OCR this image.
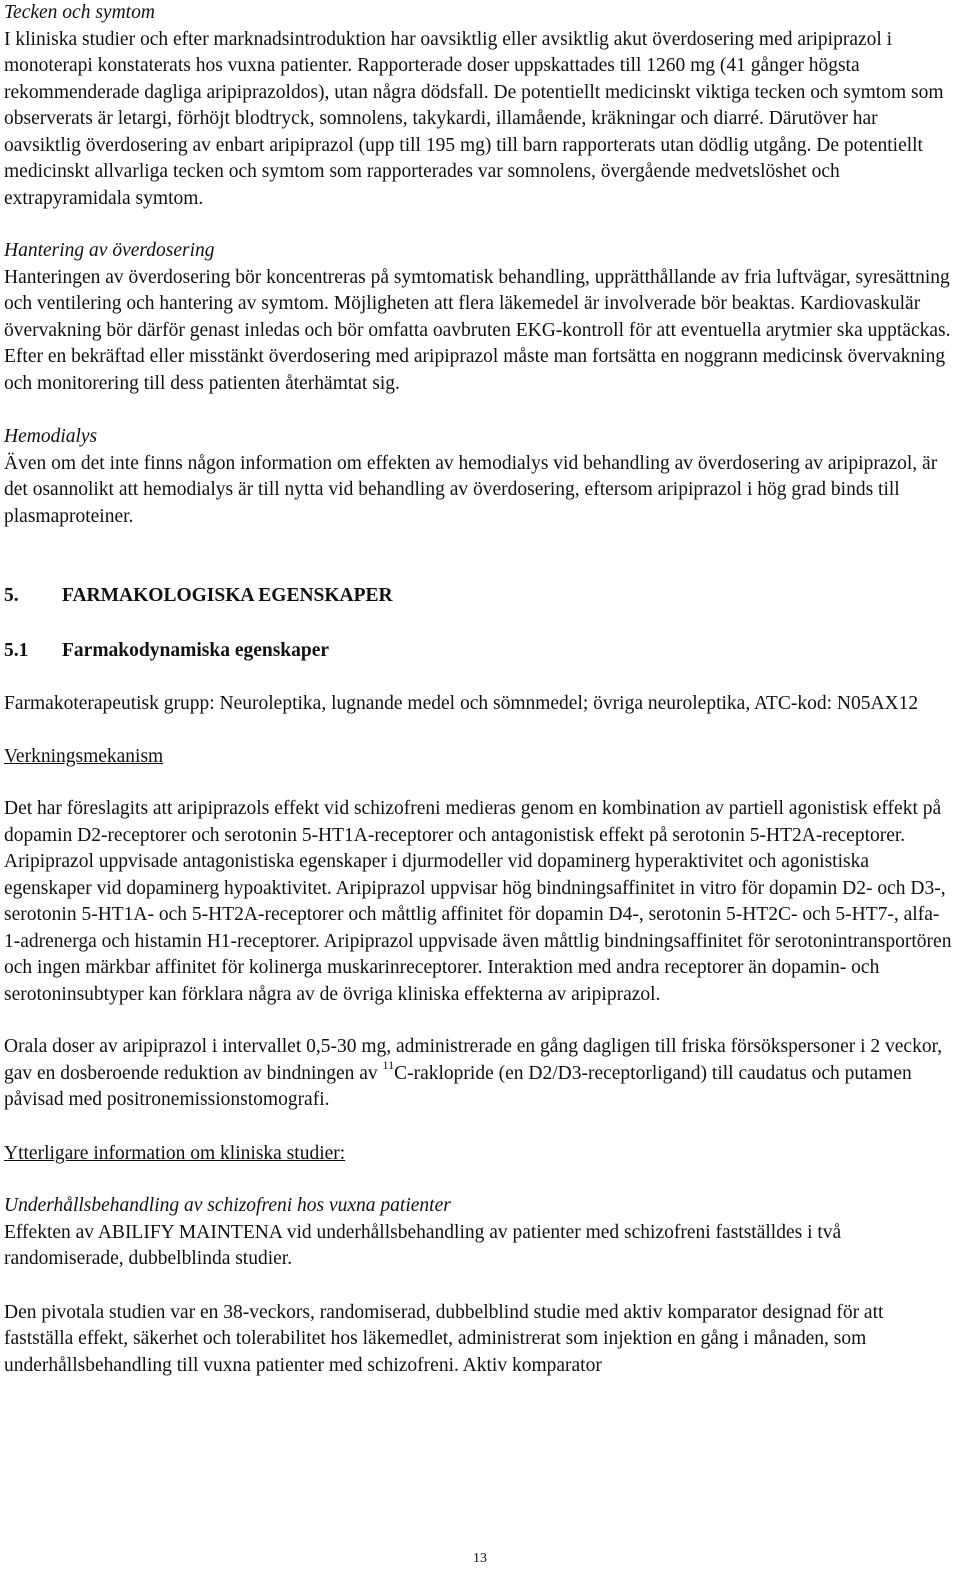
Tecken och symtom

I kliniska studier och efter marknadsintroduktion har oavsiktlig eller avsiktlig akut överdosering med aripiprazol i monoterapi konstaterats hos vuxna patienter. Rapporterade doser uppskattades till 1260 mg (41 gånger högsta rekommenderade dagliga aripiprazoldos), utan några dödsfall. De potentiellt medicinskt viktiga tecken och symtom som observerats är letargi, förhöjt blodtryck, somnolens, takykardi, illamående, kräkningar och diarré. Därutöver har oavsiktlig överdosering av enbart aripiprazol (upp till 195 mg) till barn rapporterats utan dödlig utgång. De potentiellt medicinskt allvarliga tecken och symtom som rapporterades var somnolens, övergående medvetslöshet och extrapyramidala symtom.

Hantering av överdosering

Hanteringen av överdosering bör koncentreras på symtomatisk behandling, upprätthållande av fria luftvägar, syresättning och ventilering och hantering av symtom. Möjligheten att flera läkemedel är involverade bör beaktas. Kardiovaskulär övervakning bör därför genast inledas och bör omfatta oavbruten EKG-kontroll för att eventuella arytmier ska upptäckas. Efter en bekräftad eller misstänkt överdosering med aripiprazol måste man fortsätta en noggrann medicinsk övervakning och monitorering till dess patienten återhämtat sig.

Hemodialys

Även om det inte finns någon information om effekten av hemodialys vid behandling av överdosering av aripiprazol, är det osannolikt att hemodialys är till nytta vid behandling av överdosering, eftersom aripiprazol i hög grad binds till plasmaproteiner.

5.	FARMAKOLOGISKA EGENSKAPER
5.1	Farmakodynamiska egenskaper

Farmakoterapeutisk grupp: Neuroleptika, lugnande medel och sömnmedel; övriga neuroleptika, ATC-kod: N05AX12

Verkningsmekanism

Det har föreslagits att aripiprazols effekt vid schizofreni medieras genom en kombination av partiell agonistisk effekt på dopamin D2-receptorer och serotonin 5-HT1A-receptorer och antagonistisk effekt på serotonin 5-HT2A-receptorer. Aripiprazol uppvisade antagonistiska egenskaper i djurmodeller vid dopaminerg hyperaktivitet och agonistiska egenskaper vid dopaminerg hypoaktivitet. Aripiprazol uppvisar hög bindningsaffinitet in vitro för dopamin D2- och D3-, serotonin 5-HT1A- och 5-HT2A-receptorer och måttlig affinitet för dopamin D4-, serotonin 5-HT2C- och 5-HT7-, alfa-1-adrenerga och histamin H1-receptorer. Aripiprazol uppvisade även måttlig bindningsaffinitet för serotonintransportören och ingen märkbar affinitet för kolinerga muskarinreceptorer. Interaktion med andra receptorer än dopamin- och serotoninsubtyper kan förklara några av de övriga kliniska effekterna av aripiprazol.

Orala doser av aripiprazol i intervallet 0,5-30 mg, administrerade en gång dagligen till friska försökspersoner i 2 veckor, gav en dosberoende reduktion av bindningen av $^{11}$C-raklopride (en D2/D3-receptorligand) till caudatus och putamen påvisad med positronemissionstomografi.

Ytterligare information om kliniska studier:

Underhållsbehandling av schizofreni hos vuxna patienter

Effekten av ABILIFY MAINTENA vid underhållsbehandling av patienter med schizofreni fastställdes i två randomiserade, dubbelblinda studier.

Den pivotala studien var en 38-veckors, randomiserad, dubbelblind studie med aktiv komparator designad för att fastställa effekt, säkerhet och tolerabilitet hos läkemedlet, administrerat som injektion en gång i månaden, som underhållsbehandling till vuxna patienter med schizofreni. Aktiv komparator

13
